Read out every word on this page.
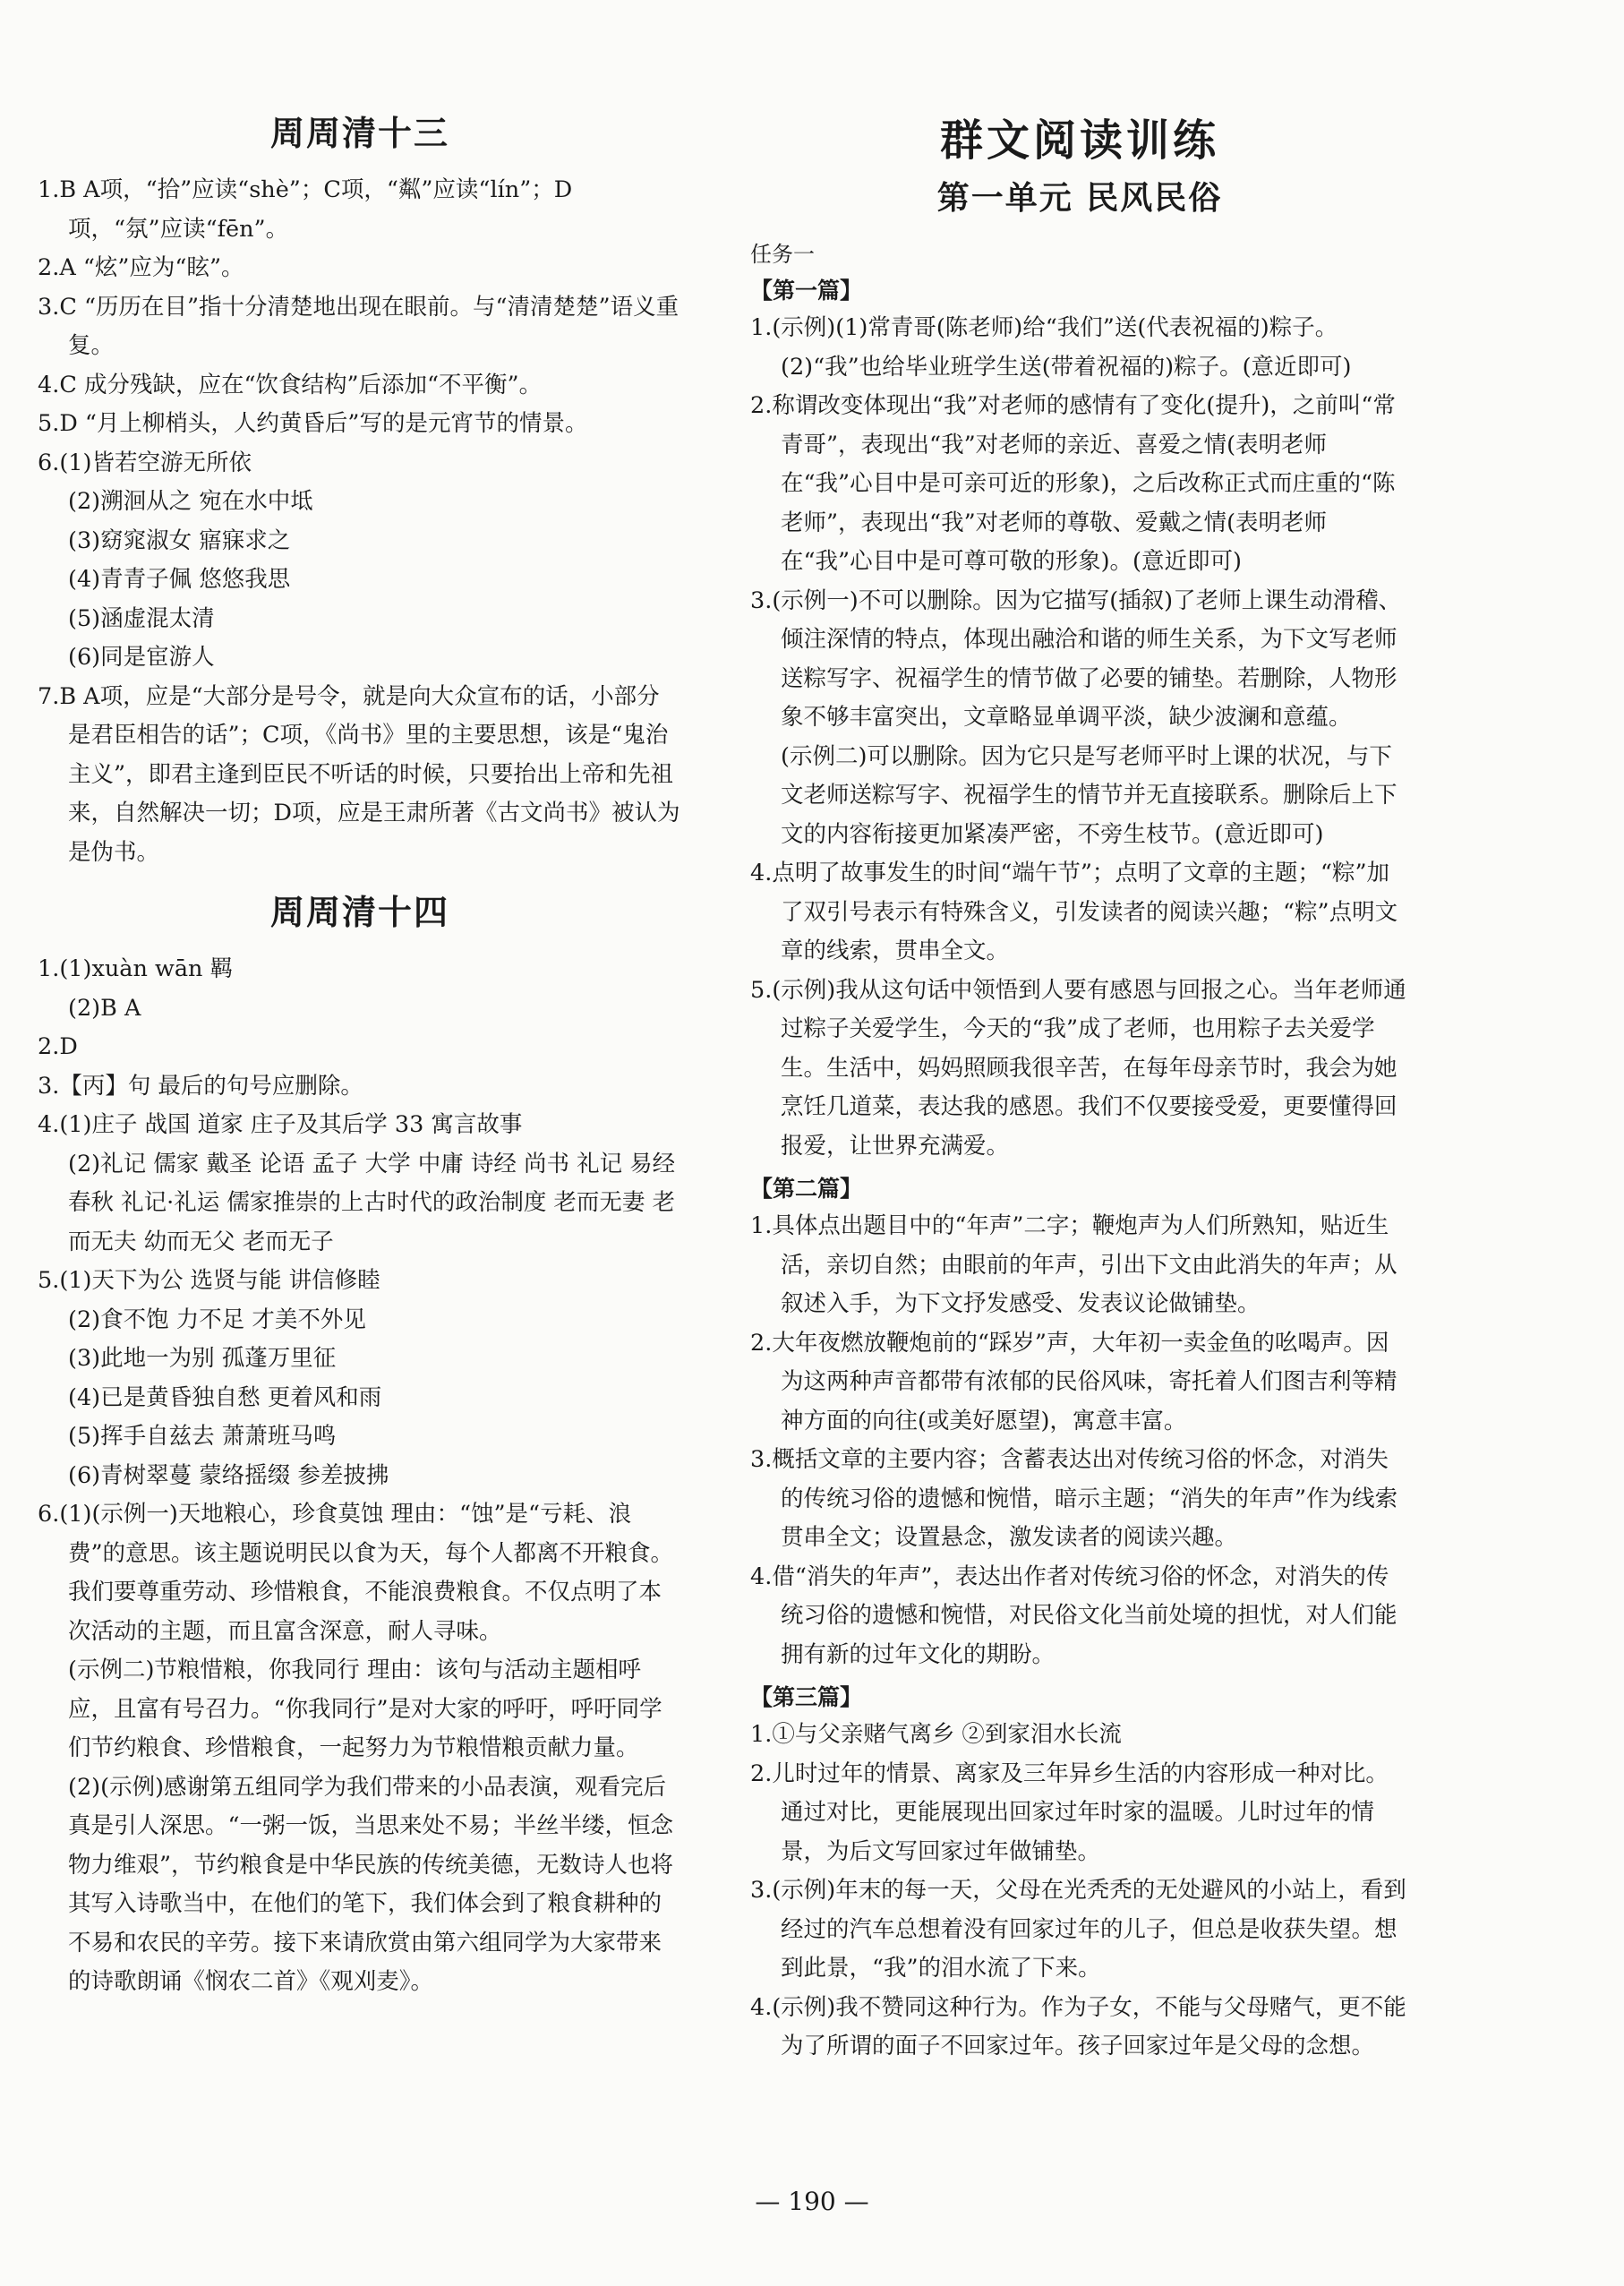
周周清十三
1.B A项，“拾”应读“shè”；C项，“粼”应读“lín”；D项，“氛”应读“fēn”。
2.A “炫”应为“眩”。
3.C “历历在目”指十分清楚地出现在眼前。与“清清楚楚”语义重复。
4.C 成分残缺，应在“饮食结构”后添加“不平衡”。
5.D “月上柳梢头，人约黄昏后”写的是元宵节的情景。
6.(1)皆若空游无所依
(2)溯洄从之 宛在水中坻
(3)窈窕淑女 寤寐求之
(4)青青子佩 悠悠我思
(5)涵虚混太清
(6)同是宦游人
7.B A项，应是“大部分是号令，就是向大众宣布的话，小部分是君臣相告的话”；C项，《尚书》里的主要思想，该是“鬼治主义”，即君主逢到臣民不听话的时候，只要抬出上帝和先祖来，自然解决一切；D项，应是王肃所著《古文尚书》被认为是伪书。
周周清十四
1.(1)xuàn wān 羁
(2)B A
2.D
3.【丙】句 最后的句号应删除。
4.(1)庄子 战国 道家 庄子及其后学 33 寓言故事
(2)礼记 儒家 戴圣 论语 孟子 大学 中庸 诗经 尚书 礼记 易经 春秋 礼记·礼运 儒家推崇的上古时代的政治制度 老而无妻 老而无夫 幼而无父 老而无子
5.(1)天下为公 选贤与能 讲信修睦
(2)食不饱 力不足 才美不外见
(3)此地一为别 孤蓬万里征
(4)已是黄昏独自愁 更着风和雨
(5)挥手自兹去 萧萧班马鸣
(6)青树翠蔓 蒙络摇缀 参差披拂
6.(1)(示例一)天地粮心，珍食莫蚀 理由：“蚀”是“亏耗、浪费”的意思。该主题说明民以食为天，每个人都离不开粮食。我们要尊重劳动、珍惜粮食，不能浪费粮食。不仅点明了本次活动的主题，而且富含深意，耐人寻味。
(示例二)节粮惜粮，你我同行 理由：该句与活动主题相呼应，且富有号召力。“你我同行”是对大家的呼吁，呼吁同学们节约粮食、珍惜粮食，一起努力为节粮惜粮贡献力量。
(2)(示例)感谢第五组同学为我们带来的小品表演，观看完后真是引人深思。“一粥一饭，当思来处不易；半丝半缕，恒念物力维艰”，节约粮食是中华民族的传统美德，无数诗人也将其写入诗歌当中，在他们的笔下，我们体会到了粮食耕种的不易和农民的辛劳。接下来请欣赏由第六组同学为大家带来的诗歌朗诵《悯农二首》《观刈麦》。
群文阅读训练
第一单元 民风民俗
任务一
【第一篇】
1.(示例)(1)常青哥(陈老师)给“我们”送(代表祝福的)粽子。
(2)“我”也给毕业班学生送(带着祝福的)粽子。(意近即可)
2.称谓改变体现出“我”对老师的感情有了变化(提升)，之前叫“常青哥”，表现出“我”对老师的亲近、喜爱之情(表明老师在“我”心目中是可亲可近的形象)，之后改称正式而庄重的“陈老师”，表现出“我”对老师的尊敬、爱戴之情(表明老师在“我”心目中是可尊可敬的形象)。(意近即可)
3.(示例一)不可以删除。因为它描写(插叙)了老师上课生动滑稽、倾注深情的特点，体现出融洽和谐的师生关系，为下文写老师送粽写字、祝福学生的情节做了必要的铺垫。若删除，人物形象不够丰富突出，文章略显单调平淡，缺少波澜和意蕴。
(示例二)可以删除。因为它只是写老师平时上课的状况，与下文老师送粽写字、祝福学生的情节并无直接联系。删除后上下文的内容衔接更加紧凑严密，不旁生枝节。(意近即可)
4.点明了故事发生的时间“端午节”；点明了文章的主题；“粽”加了双引号表示有特殊含义，引发读者的阅读兴趣；“粽”点明文章的线索，贯串全文。
5.(示例)我从这句话中领悟到人要有感恩与回报之心。当年老师通过粽子关爱学生，今天的“我”成了老师，也用粽子去关爱学生。生活中，妈妈照顾我很辛苦，在每年母亲节时，我会为她烹饪几道菜，表达我的感恩。我们不仅要接受爱，更要懂得回报爱，让世界充满爱。
【第二篇】
1.具体点出题目中的“年声”二字；鞭炮声为人们所熟知，贴近生活，亲切自然；由眼前的年声，引出下文由此消失的年声；从叙述入手，为下文抒发感受、发表议论做铺垫。
2.大年夜燃放鞭炮前的“踩岁”声，大年初一卖金鱼的吆喝声。因为这两种声音都带有浓郁的民俗风味，寄托着人们图吉利等精神方面的向往(或美好愿望)，寓意丰富。
3.概括文章的主要内容；含蓄表达出对传统习俗的怀念，对消失的传统习俗的遗憾和惋惜，暗示主题；“消失的年声”作为线索贯串全文；设置悬念，激发读者的阅读兴趣。
4.借“消失的年声”，表达出作者对传统习俗的怀念，对消失的传统习俗的遗憾和惋惜，对民俗文化当前处境的担忧，对人们能拥有新的过年文化的期盼。
【第三篇】
1.①与父亲赌气离乡 ②到家泪水长流
2.儿时过年的情景、离家及三年异乡生活的内容形成一种对比。通过对比，更能展现出回家过年时家的温暖。儿时过年的情景，为后文写回家过年做铺垫。
3.(示例)年末的每一天，父母在光秃秃的无处避风的小站上，看到经过的汽车总想着没有回家过年的儿子，但总是收获失望。想到此景，“我”的泪水流了下来。
4.(示例)我不赞同这种行为。作为子女，不能与父母赌气，更不能为了所谓的面子不回家过年。孩子回家过年是父母的念想。
— 190 —
